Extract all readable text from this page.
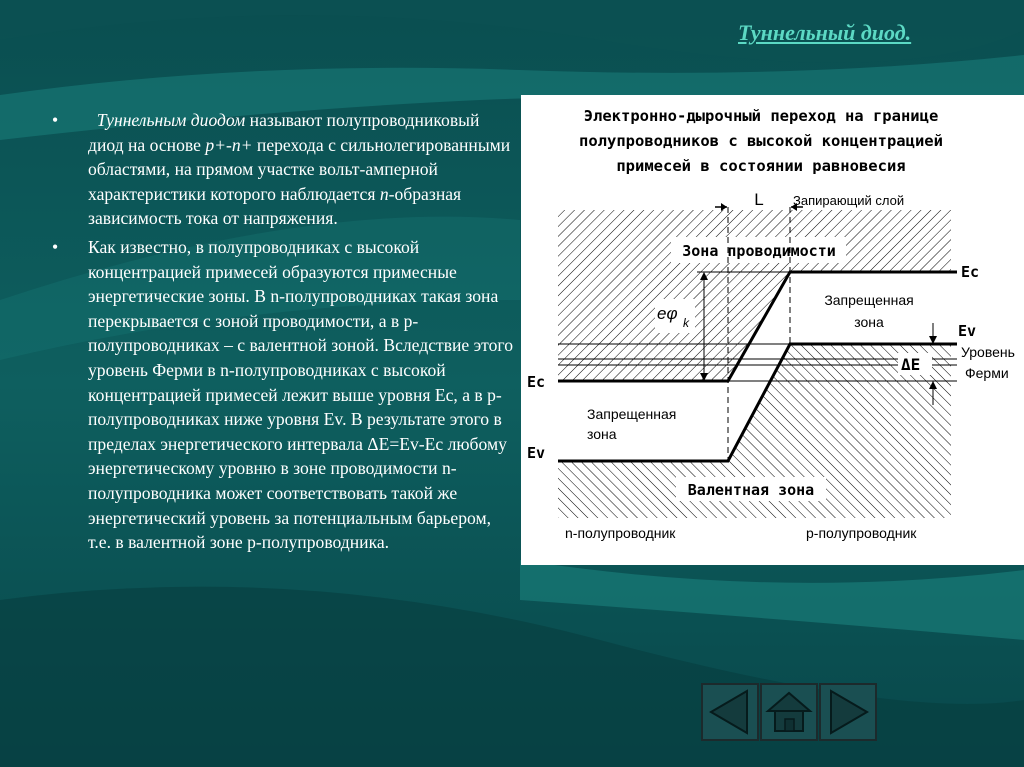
Туннельный диод.
• Туннельным диодом называют полупроводниковый диод на основе p+-n+ перехода с сильнолегированными областями, на прямом участке вольт-амперной характеристики которого наблюдается n-образная зависимость тока от напряжения.
• Как известно, в полупроводниках с высокой концентрацией примесей образуются примесные энергетические зоны. В n-полупроводниках такая зона перекрывается с зоной проводимости, а в p-полупроводниках – с валентной зоной. Вследствие этого уровень Ферми в n-полупроводниках с высокой концентрацией примесей лежит выше уровня Ec, а в p-полупроводниках ниже уровня Ev. В результате этого в пределах энергетического интервала ΔE=Ev-Ec любому энергетическому уровню в зоне проводимости n-полупроводника может соответствовать такой же энергетический уровень за потенциальным барьером, т.е. в валентной зоне p-полупроводника.
Электронно-дырочный переход на границе
полупроводников с высокой концентрацией
примесей в состоянии равновесия
L Запирающий слой
eφ k
ΔE
Зона проводимости
Валентная зона
Ec
Ev
Ec
Ev
Запрещенная
зона
Запрещенная
зона
Уровень
Ферми
n-полупроводник	p-полупроводник
